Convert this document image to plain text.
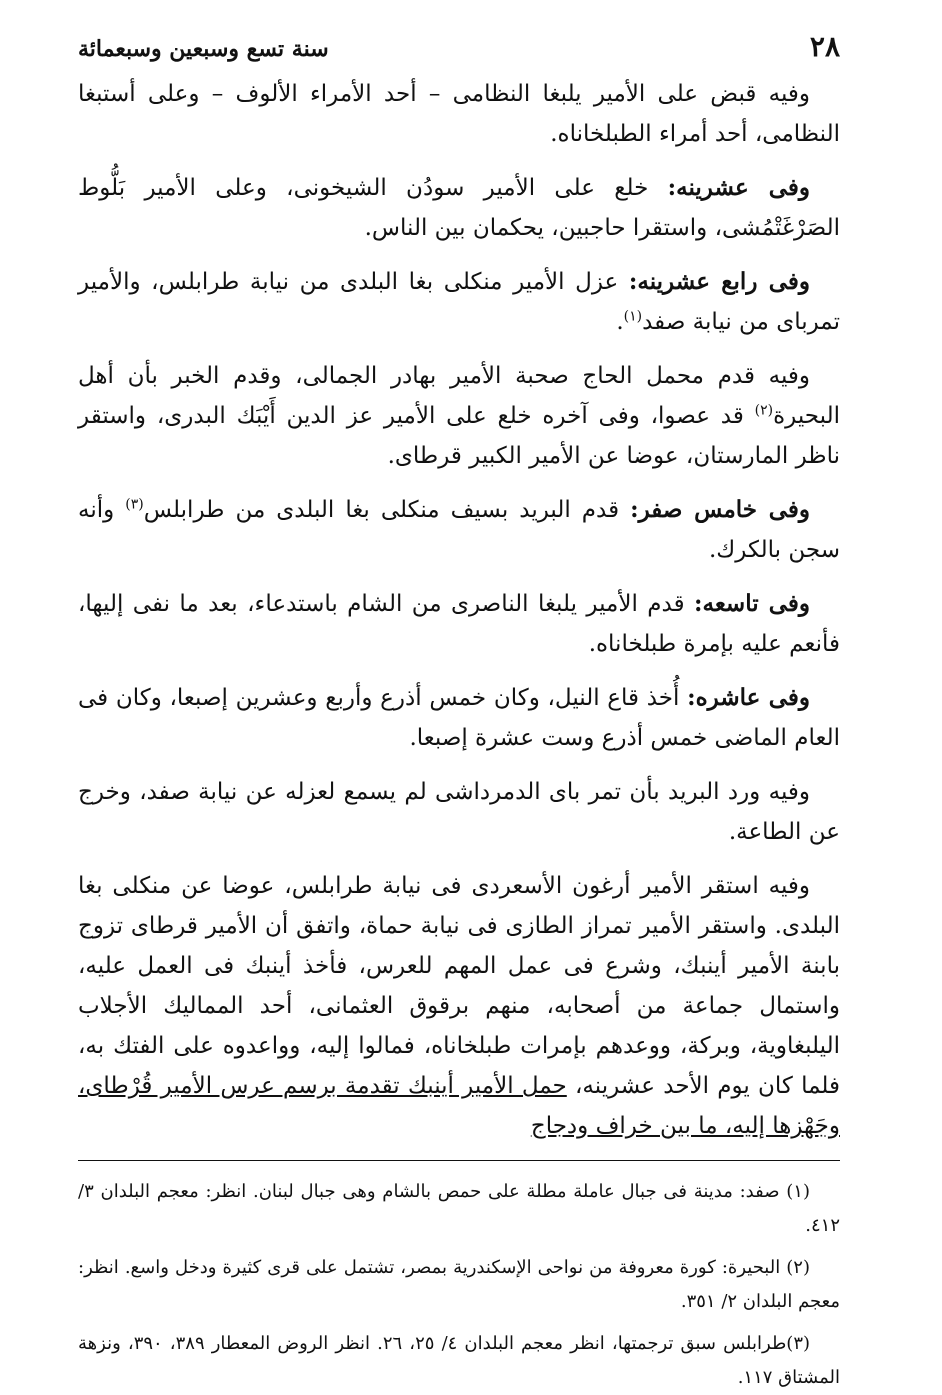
٢٨
سنة تسع وسبعين وسبعمائة

وفيه قبض على الأمير يلبغا النظامى – أحد الأمراء الألوف – وعلى أستبغا النظامى، أحد أمراء الطبلخاناه.

وفى عشرينه: خلع على الأمير سودُن الشيخونى، وعلى الأمير بَلُّوط الصَرْغَتْمُشى، واستقرا حاجبين، يحكمان بين الناس.

وفى رابع عشرينه: عزل الأمير منكلى بغا البلدى من نيابة طرابلس، والأمير تمرباى من نيابة صفد$^{(١)}$.

وفيه قدم محمل الحاج صحبة الأمير بهادر الجمالى، وقدم الخبر بأن أهل البحيرة$^{(٢)}$ قد عصوا، وفى آخره خلع على الأمير عز الدين أَيْبَك البدرى، واستقر ناظر المارستان، عوضا عن الأمير الكبير قرطاى.

وفى خامس صفر: قدم البريد بسيف منكلى بغا البلدى من طرابلس$^{(٣)}$ وأنه سجن بالكرك.

وفى تاسعه: قدم الأمير يلبغا الناصرى من الشام باستدعاء، بعد ما نفى إليها، فأنعم عليه بإمرة طبلخاناه.

وفى عاشره: أُخذ قاع النيل، وكان خمس أذرع وأربع وعشرين إصبعا، وكان فى العام الماضى خمس أذرع وست عشرة إصبعا.

وفيه ورد البريد بأن تمر باى الدمرداشى لم يسمع لعزله عن نيابة صفد، وخرج عن الطاعة.

وفيه استقر الأمير أرغون الأسعردى فى نيابة طرابلس، عوضا عن منكلى بغا البلدى. واستقر الأمير تمراز الطازى فى نيابة حماة، واتفق أن الأمير قرطاى تزوج بابنة الأمير أينبك، وشرع فى عمل المهم للعرس، فأخذ أينبك فى العمل عليه، واستمال جماعة من أصحابه، منهم برقوق العثمانى، أحد المماليك الأجلاب اليلبغاوية، وبركة، ووعدهم بإمرات طبلخاناه، فمالوا إليه، وواعدوه على الفتك به، فلما كان يوم الأحد عشرينه، حمل الأمير أينبك تقدمة برسم عرس الأمير قُرْطاى، وجَهْزها إليه، ما بين خراف ودجاج

(١) صفد: مدينة فى جبال عاملة مطلة على حمص بالشام وهى جبال لبنان. انظر: معجم البلدان ٣/ ٤١٢.

(٢) البحيرة: كورة معروفة من نواحى الإسكندرية بمصر، تشتمل على قرى كثيرة ودخل واسع. انظر: معجم البلدان ٢/ ٣٥١.

(٣)طرابلس سبق ترجمتها، انظر معجم البلدان ٤/ ٢٥، ٢٦. انظر الروض المعطار ٣٨٩، ٣٩٠، ونزهة المشتاق ١١٧.
